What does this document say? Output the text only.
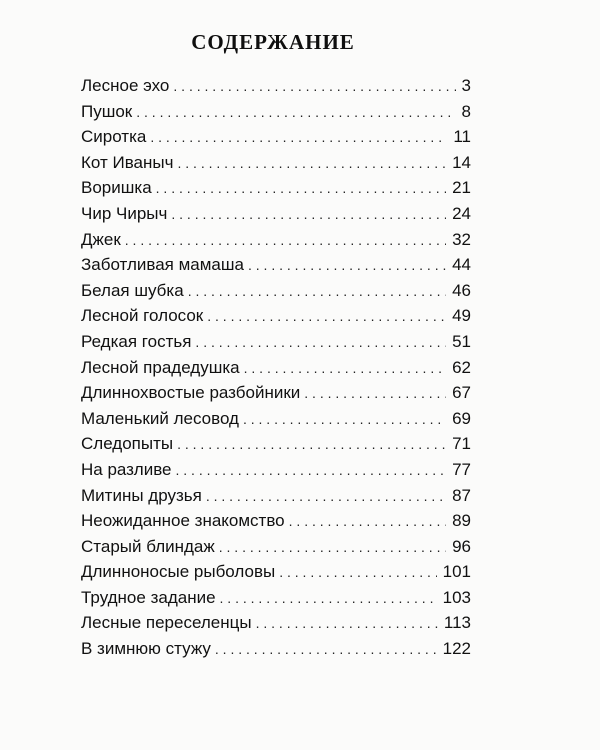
СОДЕРЖАНИЕ
Лесное эхо . . .	3
Пушок . . .	8
Сиротка . . .	11
Кот Иваныч . . .	14
Воришка . . .	21
Чир Чирыч . . .	24
Джек . . .	32
Заботливая мамаша . . .	44
Белая шубка . . .	46
Лесной голосок . . .	49
Редкая гостья . . .	51
Лесной прадедушка . . .	62
Длиннохвостые разбойники . . .	67
Маленький лесовод . . .	69
Следопыты . . .	71
На разливе . . .	77
Митины друзья . . .	87
Неожиданное знакомство . . .	89
Старый блиндаж . . .	96
Длинноносые рыболовы . . .	101
Трудное задание . . .	103
Лесные переселенцы . . .	113
В зимнюю стужу . . .	122
